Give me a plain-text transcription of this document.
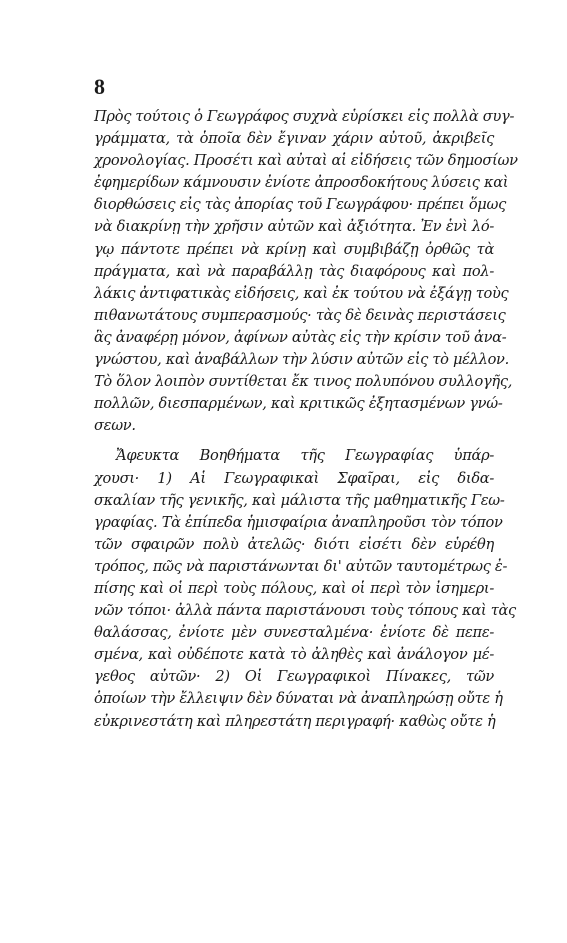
8
Πρὸς τούτοις ὁ Γεωγράφος συχνὰ εὑρίσκει εἰς πολλὰ συγ-
γράμματα, τὰ ὁποῖα δὲν ἔγιναν χάριν αὐτοῦ, ἀκριβεῖς
χρονολογίας. Προσέτι καὶ αὐταὶ αἱ εἰδήσεις τῶν δημοσίων
ἐφημερίδων κάμνουσιν ἐνίοτε ἀπροσδοκήτους λύσεις καὶ
διορθώσεις εἰς τὰς ἀπορίας τοῦ Γεωγράφου· πρέπει ὅμως
νὰ διακρίνῃ τὴν χρῆσιν αὐτῶν καὶ ἀξιότητα. Ἐν ἑνὶ λό-
γῳ πάντοτε πρέπει νὰ κρίνῃ καὶ συμβιβάζῃ ὀρθῶς τὰ
πράγματα, καὶ νὰ παραβάλλῃ τὰς διαφόρους καὶ πολ-
λάκις ἀντιφατικὰς εἰδήσεις, καὶ ἐκ τούτου νὰ ἐξάγῃ τοὺς
πιθανωτάτους συμπερασμούς· τὰς δὲ δεινὰς περιστάσεις
ἃς ἀναφέρῃ μόνον, ἀφίνων αὐτὰς εἰς τὴν κρίσιν τοῦ ἀνα-
γνώστου, καὶ ἀναβάλλων τὴν λύσιν αὐτῶν εἰς τὸ μέλλον.
Τὸ ὅλον λοιπὸν συντίθεται ἔκ τινος πολυπόνου συλλογῆς,
πολλῶν, διεσπαρμένων, καὶ κριτικῶς ἐξητασμένων γνώ-
σεων.
Ἄφευκτα Βοηθήματα τῆς Γεωγραφίας ὑπάρ-
χουσι· 1) Αἱ Γεωγραφικαὶ Σφαῖραι, εἰς διδα-
σκαλίαν τῆς γενικῆς, καὶ μάλιστα τῆς μαθηματικῆς Γεω-
γραφίας. Τὰ ἐπίπεδα ἡμισφαίρια ἀναπληροῦσι τὸν τόπον
τῶν σφαιρῶν πολὺ ἀτελῶς· διότι εἰσέτι δὲν εὑρέθη
τρόπος, πῶς νὰ παριστάνωνται δι' αὐτῶν ταυτομέτρως ἐ-
πίσης καὶ οἱ περὶ τοὺς πόλους, καὶ οἱ περὶ τὸν ἰσημερι-
νῶν τόποι· ἀλλὰ πάντα παριστάνουσι τοὺς τόπους καὶ τὰς
θαλάσσας, ἐνίοτε μὲν συνεσταλμένα· ἐνίοτε δὲ πεπε-
σμένα, καὶ οὐδέποτε κατὰ τὸ ἀληθὲς καὶ ἀνάλογον μέ-
γεθος αὐτῶν· 2) Οἱ Γεωγραφικοὶ Πίνακες, τῶν
ὁποίων τὴν ἔλλειψιν δὲν δύναται νὰ ἀναπληρώσῃ οὔτε ἡ
εὐκρινεστάτη καὶ πληρεστάτη περιγραφή· καθὼς οὔτε ἡ
